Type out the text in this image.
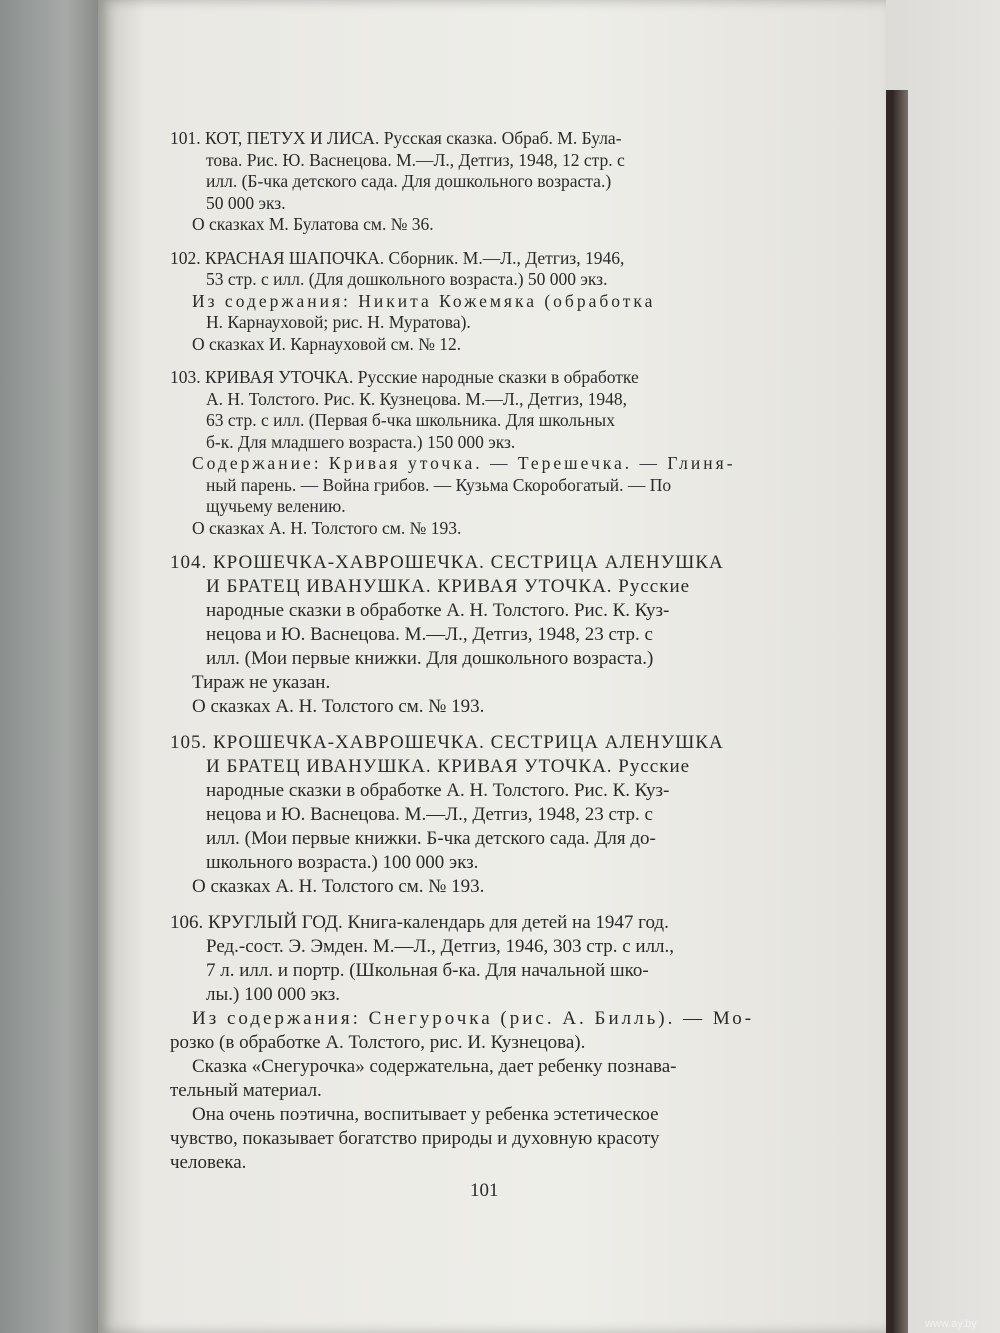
101. КОТ, ПЕТУХ И ЛИСА. Русская сказка. Обраб. М. Була-
това. Рис. Ю. Васнецова. М.—Л., Детгиз, 1948, 12 стр. с
илл. (Б-чка детского сада. Для дошкольного возраста.)
50 000 экз.
О сказках М. Булатова см. № 36.
102. КРАСНАЯ ШАПОЧКА. Сборник. М.—Л., Детгиз, 1946,
53 стр. с илл. (Для дошкольного возраста.) 50 000 экз.
Из содержания: Никита Кожемяка (обработка
Н. Карнауховой; рис. Н. Муратова).
О сказках И. Карнауховой см. № 12.
103. КРИВАЯ УТОЧКА. Русские народные сказки в обработке
А. Н. Толстого. Рис. К. Кузнецова. М.—Л., Детгиз, 1948,
63 стр. с илл. (Первая б-чка школьника. Для школьных
б-к. Для младшего возраста.) 150 000 экз.
Содержание: Кривая уточка. — Терешечка. — Глиня-
ный парень. — Война грибов. — Кузьма Скоробогатый. — По
щучьему велению.
О сказках А. Н. Толстого см. № 193.
104. КРОШЕЧКА-ХАВРОШЕЧКА. СЕСТРИЦА АЛЕНУШКА
И БРАТЕЦ ИВАНУШКА. КРИВАЯ УТОЧКА. Русские
народные сказки в обработке А. Н. Толстого. Рис. К. Куз-
нецова и Ю. Васнецова. М.—Л., Детгиз, 1948, 23 стр. с
илл. (Мои первые книжки. Для дошкольного возраста.)
Тираж не указан.
О сказках А. Н. Толстого см. № 193.
105. КРОШЕЧКА-ХАВРОШЕЧКА. СЕСТРИЦА АЛЕНУШКА
И БРАТЕЦ ИВАНУШКА. КРИВАЯ УТОЧКА. Русские
народные сказки в обработке А. Н. Толстого. Рис. К. Куз-
нецова и Ю. Васнецова. М.—Л., Детгиз, 1948, 23 стр. с
илл. (Мои первые книжки. Б-чка детского сада. Для до-
школьного возраста.) 100 000 экз.
О сказках А. Н. Толстого см. № 193.
106. КРУГЛЫЙ ГОД. Книга-календарь для детей на 1947 год.
Ред.-сост. Э. Эмден. М.—Л., Детгиз, 1946, 303 стр. с илл.,
7 л. илл. и портр. (Школьная б-ка. Для начальной шко-
лы.) 100 000 экз.
Из содержания: Снегурочка (рис. А. Билль). — Мо-
розко (в обработке А. Толстого, рис. И. Кузнецова).
Сказка «Снегурочка» содержательна, дает ребенку познава-
тельный материал.
Она очень поэтична, воспитывает у ребенка эстетическое
чувство, показывает богатство природы и духовную красоту
человека.
101
www.ay.by
